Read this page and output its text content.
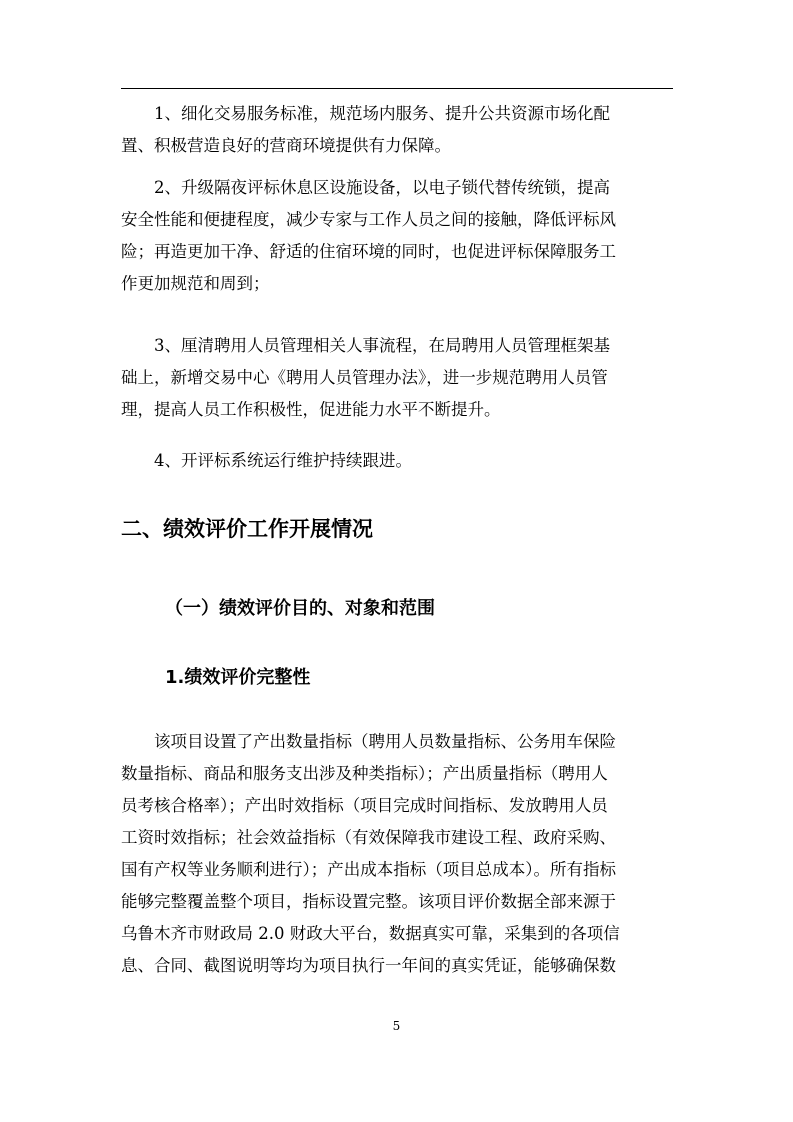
　　1、细化交易服务标准，规范场内服务、提升公共资源市场化配
置、积极营造良好的营商环境提供有力保障。

　　2、升级隔夜评标休息区设施设备，以电子锁代替传统锁，提高
安全性能和便捷程度，减少专家与工作人员之间的接触，降低评标风
险；再造更加干净、舒适的住宿环境的同时，也促进评标保障服务工
作更加规范和周到；

　　3、厘清聘用人员管理相关人事流程，在局聘用人员管理框架基
础上，新增交易中心《聘用人员管理办法》，进一步规范聘用人员管
理，提高人员工作积极性，促进能力水平不断提升。

　　4、开评标系统运行维护持续跟进。

二、绩效评价工作开展情况
（一）绩效评价目的、对象和范围
1.绩效评价完整性

　　该项目设置了产出数量指标（聘用人员数量指标、公务用车保险
数量指标、商品和服务支出涉及种类指标）；产出质量指标（聘用人
员考核合格率）；产出时效指标（项目完成时间指标、发放聘用人员
工资时效指标；社会效益指标（有效保障我市建设工程、政府采购、
国有产权等业务顺利进行）；产出成本指标（项目总成本）。所有指标
能够完整覆盖整个项目，指标设置完整。该项目评价数据全部来源于
乌鲁木齐市财政局 2.0 财政大平台，数据真实可靠，采集到的各项信
息、合同、截图说明等均为项目执行一年间的真实凭证，能够确保数

5
